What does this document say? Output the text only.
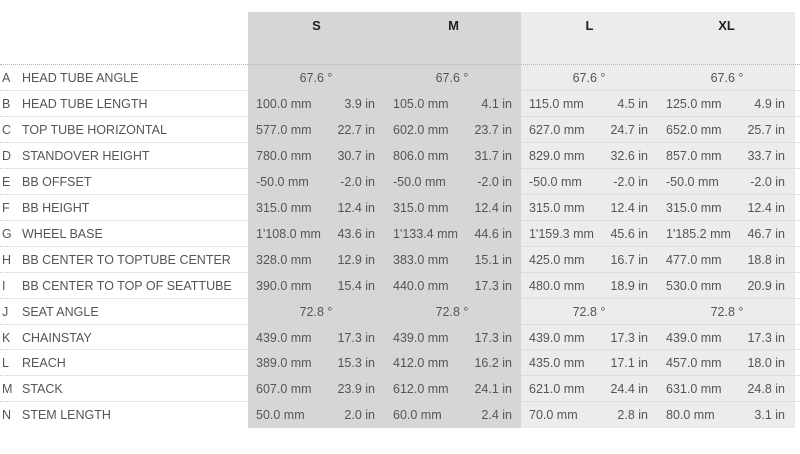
S	M	L	XL
A HEAD TUBE ANGLE	67.6 °	67.6 °	67.6 °	67.6 °
B HEAD TUBE LENGTH	100.0 mm	3.9 in 105.0 mm	4.1 in 115.0 mm	4.5 in 125.0 mm	4.9 in
C TOP TUBE HORIZONTAL	577.0 mm	22.7 in 602.0 mm	23.7 in 627.0 mm	24.7 in 652.0 mm	25.7 in
D STANDOVER HEIGHT	780.0 mm	30.7 in 806.0 mm	31.7 in 829.0 mm	32.6 in 857.0 mm	33.7 in
E BB OFFSET	-50.0 mm	-2.0 in -50.0 mm	-2.0 in -50.0 mm	-2.0 in -50.0 mm	-2.0 in
F BB HEIGHT	315.0 mm	12.4 in 315.0 mm	12.4 in 315.0 mm	12.4 in 315.0 mm	12.4 in
G WHEEL BASE	1'108.0 mm	43.6 in 1'133.4 mm	44.6 in 1'159.3 mm	45.6 in 1'185.2 mm	46.7 in
H BB CENTER TO TOPTUBE CENTER 328.0 mm	12.9 in 383.0 mm	15.1 in 425.0 mm	16.7 in 477.0 mm	18.8 in
I	BB CENTER TO TOP OF SEATTUBE 390.0 mm	15.4 in 440.0 mm	17.3 in 480.0 mm	18.9 in 530.0 mm	20.9 in
J	SEAT ANGLE	72.8 °	72.8 °	72.8 °	72.8 °
K CHAINSTAY	439.0 mm	17.3 in 439.0 mm	17.3 in 439.0 mm	17.3 in 439.0 mm	17.3 in
L	REACH	389.0 mm	15.3 in 412.0 mm	16.2 in 435.0 mm	17.1 in 457.0 mm	18.0 in
M STACK	607.0 mm	23.9 in 612.0 mm	24.1 in 621.0 mm	24.4 in 631.0 mm	24.8 in
N STEM LENGTH	50.0 mm	2.0 in 60.0 mm	2.4 in 70.0 mm	2.8 in 80.0 mm	3.1 in
